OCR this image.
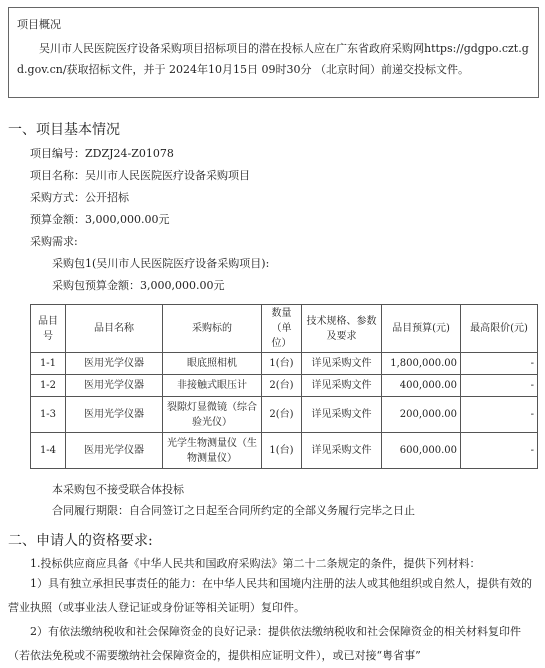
项目概况
吴川市人民医院医疗设备采购项目招标项目的潜在投标人应在广东省政府采购网https://gdgpo.czt.gd.gov.cn/获取招标文件，并于 2024年10月15日 09时30分 （北京时间）前递交投标文件。
一、项目基本情况
项目编号：ZDZJ24-Z01078
项目名称：吴川市人民医院医疗设备采购项目
采购方式：公开招标
预算金额：3,000,000.00元
采购需求:
采购包1(吴川市人民医院医疗设备采购项目):
采购包预算金额：3,000,000.00元
品目号	品目名称	采购标的	数量（单位）	技术规格、参数及要求	品目预算(元)	最高限价(元)
1-1	医用光学仪器	眼底照相机	1(台)	详见采购文件	1,800,000.00	-
1-2	医用光学仪器	非接触式眼压计	2(台)	详见采购文件	400,000.00	-
1-3	医用光学仪器	裂隙灯显微镜（综合验光仪）	2(台)	详见采购文件	200,000.00	-
1-4	医用光学仪器	光学生物测量仪（生物测量仪）	1(台)	详见采购文件	600,000.00	-
本采购包不接受联合体投标
合同履行期限：自合同签订之日起至合同所约定的全部义务履行完毕之日止
二、申请人的资格要求:
1.投标供应商应具备《中华人民共和国政府采购法》第二十二条规定的条件，提供下列材料：
1）具有独立承担民事责任的能力：在中华人民共和国境内注册的法人或其他组织或自然人，提供有效的营业执照（或事业法人登记证或身份证等相关证明）复印件。
2）有依法缴纳税收和社会保障资金的良好记录：提供依法缴纳税收和社会保障资金的相关材料复印件（若依法免税或不需要缴纳社会保障资金的，提供相应证明文件），或已对接“粤省事”
